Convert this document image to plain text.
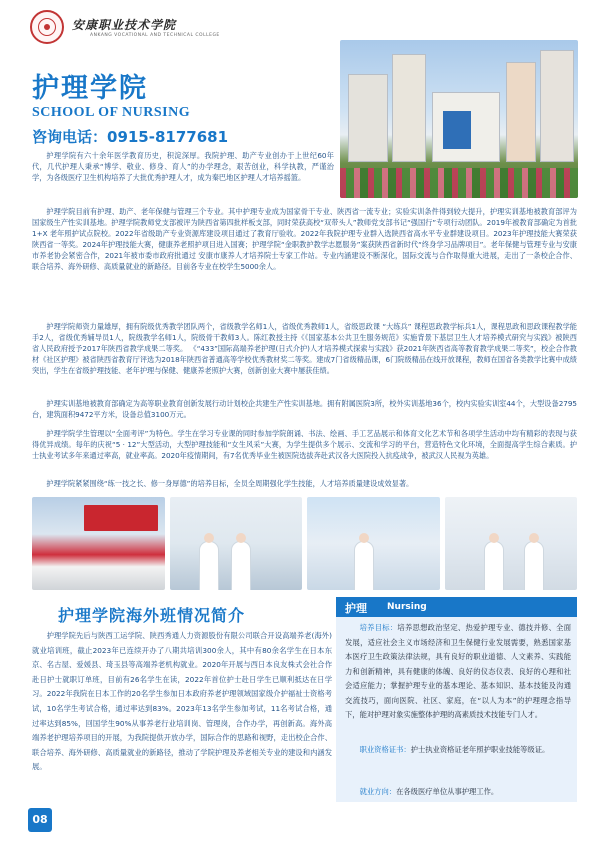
安康职业技术学院
ANKANG VOCATIONAL AND TECHNICAL COLLEGE
护理学院
SCHOOL OF NURSING
咨询电话：0915-8177681

护理学院有六十余年医学教育历史，积淀深厚。我院护理、助产专业创办于上世纪60年代，几代护理人秉承“博学、敬业、修身、育人”的办学理念，艰苦创业，科学执教，严谨治学，为各级医疗卫生机构培养了大批优秀护理人才，成为秦巴地区护理人才培养摇篮。

护理学院目前有护理、助产、老年保健与管理三个专业。其中护理专业成为国家骨干专业、陕西省一流专业；实验实训条件得到较大提升，护理实训基地被教育部评为国家级生产性实训基地。护理学院教师党支部被评为陕西省第四批样板支部，同时荣获高校“双带头人”教师党支部书记“强国行”专项行动团队。2019年被教育部确定为首批 1+X 老年照护试点院校。2022年省级助产专业资源库建设项目通过了教育厅验收。2022年我院护理专业群入选陕西省高水平专业群建设项目。2023年护理技能大赛荣获陕西省一等奖。2024年护理技能大赛，健康养老照护项目进入国赛；护理学院“金职教护教学志愿服务”案获陕西省新时代“终身学习品牌项目”。老年保健与管理专业与安康市养老协会紧密合作，2021年被市委市政府批通过 安康市康养人才培养院士专家工作站。专业内涵建设不断深化，国际交流与合作取得重大进展，走出了一条校企合作、联合培养、海外研修、高质量就业的新路径。目前各专业在校学生5000余人。

护理学院师资力量雄厚，拥有院级优秀教学团队两个，省级教学名师1人，省级优秀教师1人，省级思政课 “大练兵” 课程思政教学标兵1人，课程思政和思政课程教学能手2人，省级优秀辅导员1人，院级教学名师1人，院级骨干教师3人。陈红教授主持《《国家基本公共卫生服务规范》实施背景下基层卫生人才培养模式研究与实践》被陕西省人民政府授予2017年陕西省教学成果二等奖。 《“433”国际高端养老护理(日式介护)人才培养模式探索与实践》获2021年陕西省高等教育教学成果二等奖”，校企合作教材《社区护理》被省陕西省教育厅评选为2018年陕西省普通高等学校优秀教材奖二等奖。建成7门省级精品课，6门院级精品在线开放课程，教师在国省各类教学比赛中成绩突出，学生在省级护理技能、老年护理与保健、健康养老照护大赛，创新创业大赛中屡获佳绩。

护理实训基地被教育部确定为高等职业教育创新发展行动计划校企共建生产性实训基地。拥有附属医院3所，校外实训基地36个，校内实验实训室44个，大型设备2795台，建筑面积9472平方米，设备总值3100万元。

护理学院学生管理以“全面考评”为特色。学生在学习专业课的同时参加学院朗诵、书法、绘画、手工艺品展示和体育文化艺术节和各项学生活动中均有精彩的表现与获得优异成绩。每年的庆祝“5 · 12”大型活动，大型护理技能和“女生风采”大赛，为学生提供多个展示、交流和学习的平台，营造特色文化环境，全面提高学生综合素质。护士执业考试多年来通过率高，就业率高。2020年疫情期间，有7名优秀毕业生被医院选拔奔赴武汉各大医院投入抗疫战争，被武汉人民视为英雄。

护理学院紧紧围绕“练一技之长、修一身厚德”的培养目标，全员全周期强化学生技能，人才培养质量建设成效显著。

护理学院海外班情况简介

护理学院先后与陕西工运学院、陕西秀通人力资源股份有限公司联合开设高端养老(海外)就业培训班，截止2023年已连续开办了八期共培训300余人，其中有80余名学生在日本东京、名古屋、爱媛县、琦玉县等高端养老机构就业。2020年开展与西日本良友株式会社合作赴日护士就职订单班，目前有26名学生在读，2022年首位护士赴日学生已顺利抵达在日学习。2022年我院在日本工作的20名学生参加日本政府养老护理领域国家级介护福祉士资格考试，10名学生考试合格，通过率达到83%。2023年13名学生参加考试，11名考试合格，通过率达到85%，回国学生90%从事养老行业培训岗、管理岗，合作办学，再创新高。海外高端养老护理培养项目的开展，为我院提供开放办学，国际合作的思路和视野，走出校企合作、联合培养、海外研修、高质量就业的新路径，推动了学院护理及养老相关专业的建设和内涵发展。

护理 Nursing

培养目标：培养思想政治坚定、热爱护理专业、德技并修、全面发展，适应社会主义市场经济和卫生保健行业发展需要，熟悉国家基本医疗卫生政策法律法规，具有良好的职业道德、人文素养、实践能力和创新精神，具有健康的体魄、良好的仪态仪表、良好的心理和社会适应能力；掌握护理专业的基本理论、基本知识、基本技能及沟通交流技巧，面向医院、社区、家庭，在“以人为本”的护理理念指导下，能对护理对象实施整体护理的高素质技术技能专门人才。

职业资格证书：护士执业资格证老年照护职业技能等级证。

就业方向：在各级医疗单位从事护理工作。

08
